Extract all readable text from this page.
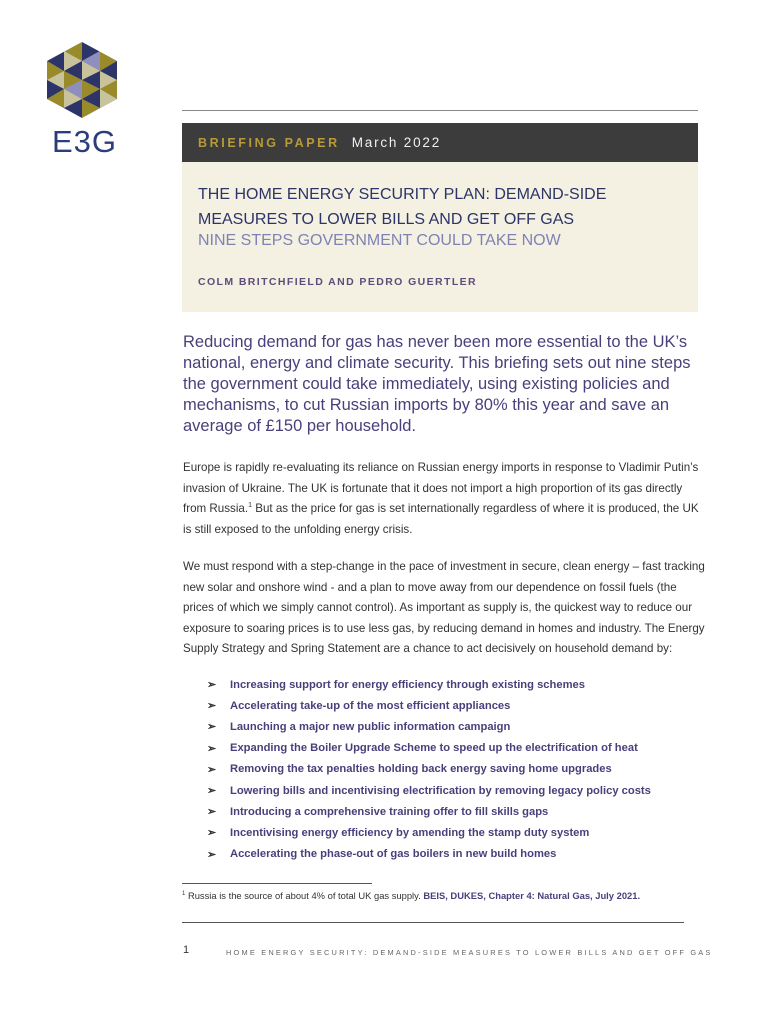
E3G	BRIEFING PAPER March 2022
THE HOME ENERGY SECURITY PLAN: DEMAND-SIDE MEASURES TO LOWER BILLS AND GET OFF GAS
NINE STEPS GOVERNMENT COULD TAKE NOW
COLM BRITCHFIELD AND PEDRO GUERTLER
Reducing demand for gas has never been more essential to the UK’s national, energy and climate security. This briefing sets out nine steps the government could take immediately, using existing policies and mechanisms, to cut Russian imports by 80% this year and save an average of £150 per household.
Europe is rapidly re-evaluating its reliance on Russian energy imports in response to Vladimir Putin’s invasion of Ukraine. The UK is fortunate that it does not import a high proportion of its gas directly from Russia.$^1$ But as the price for gas is set internationally regardless of where it is produced, the UK is still exposed to the unfolding energy crisis.
We must respond with a step-change in the pace of investment in secure, clean energy – fast tracking new solar and onshore wind - and a plan to move away from our dependence on fossil fuels (the prices of which we simply cannot control). As important as supply is, the quickest way to reduce our exposure to soaring prices is to use less gas, by reducing demand in homes and industry. The Energy Supply Strategy and Spring Statement are a chance to act decisively on household demand by:
➢	Increasing support for energy efficiency through existing schemes
➢	Accelerating take-up of the most efficient appliances
➢	Launching a major new public information campaign
➢	Expanding the Boiler Upgrade Scheme to speed up the electrification of heat
➢	Removing the tax penalties holding back energy saving home upgrades
➢	Lowering bills and incentivising electrification by removing legacy policy costs
➢	Introducing a comprehensive training offer to fill skills gaps
➢	Incentivising energy efficiency by amending the stamp duty system
➢	Accelerating the phase-out of gas boilers in new build homes
$^1$ Russia is the source of about 4% of total UK gas supply. BEIS, DUKES, Chapter 4: Natural Gas, July 2021.
1	HOME ENERGY SECURITY: DEMAND-SIDE MEASURES TO LOWER BILLS AND GET OFF GAS
